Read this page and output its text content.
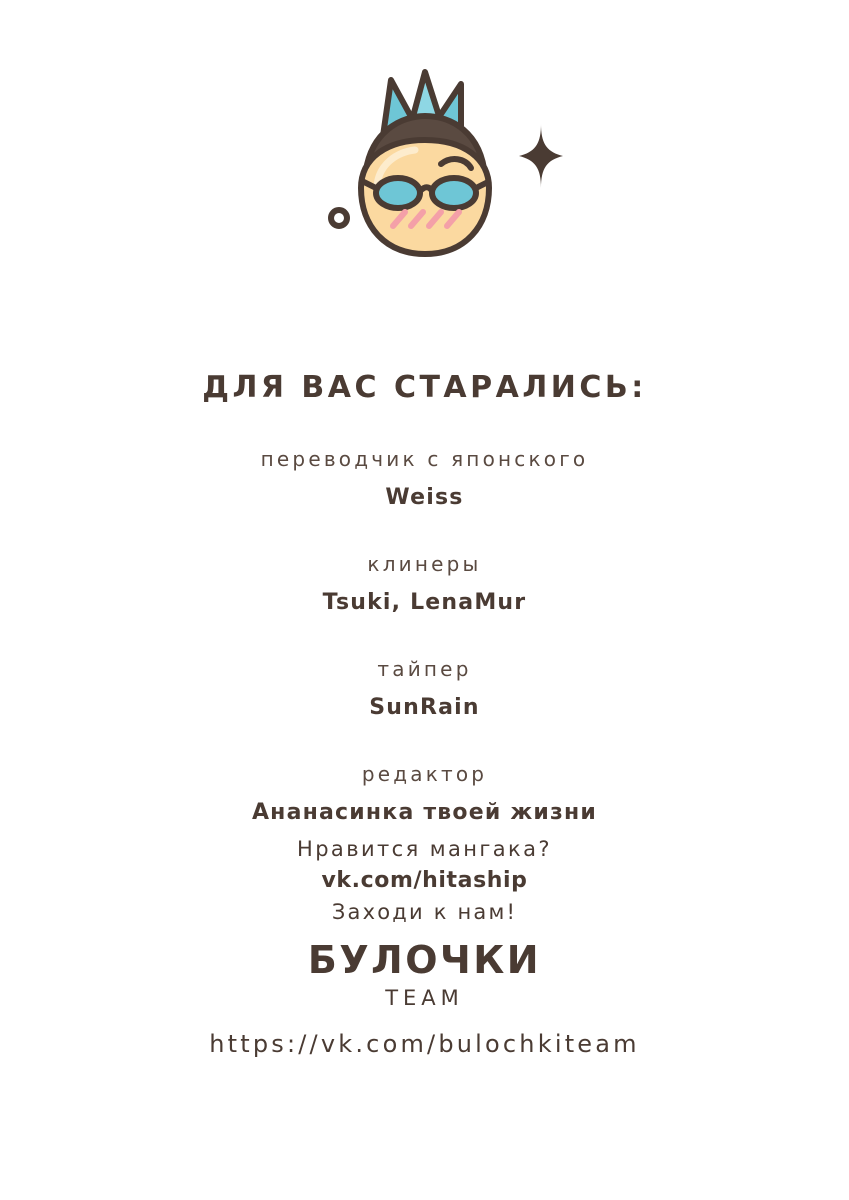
ДЛЯ ВАС СТАРАЛИСЬ:
переводчик с японского
Weiss
клинеры
Tsuki, LenaMur
тайпер
SunRain
редактор
Ананасинка твоей жизни
Нравится мангака?
vk.com/hitaship
Заходи к нам!
БУЛОЧКИ
TEAM
https://vk.com/bulochkiteam
